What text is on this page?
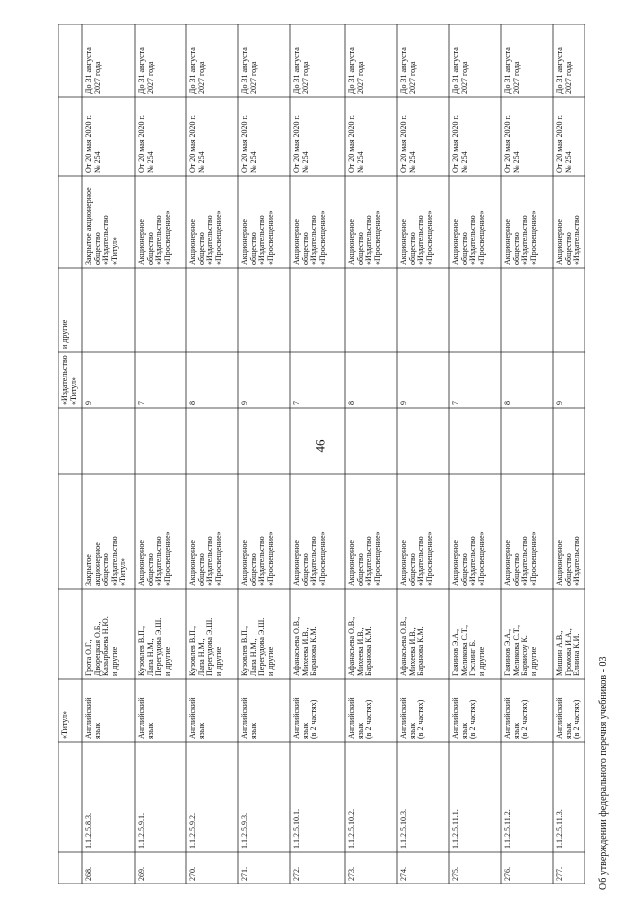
46
Об утверждении федерального перечня учебников - 03
и другие
«Издательство «Титул»
«Титул»
268.
1.1.2.5.8.3.
Английский язык
Грота О.Г.,
Дворецкая О.Б.,
Казырбаева Н.Ю.
и другие
Закрытое
акционерное
общество
«Издательство
«Титул»
9
Закрытое акционерное
общество
«Издательство
«Титул»
От 20 мая 2020 г.
№ 254
До 31 августа
2027 года
269.
1.1.2.5.9.1.
Английский язык
Кузовлев В.П.,
Лапа Н.М.,
Перегудова Э.Ш.
и другие
Акционерное
общество
«Издательство
«Просвещение»
7
Акционерное
общество
«Издательство
«Просвещение»
От 20 мая 2020 г.
№ 254
До 31 августа
2027 года
270.
1.1.2.5.9.2.
Английский язык
Кузовлев В.П.,
Лапа Н.М.,
Перегудова Э.Ш.
и другие
Акционерное
общество
«Издательство
«Просвещение»
8
Акционерное
общество
«Издательство
«Просвещение»
От 20 мая 2020 г.
№ 254
До 31 августа
2027 года
271.
1.1.2.5.9.3.
Английский язык
Кузовлев В.П.,
Лапа Н.М.,
Перегудова Э.Ш.
и другие
Акционерное
общество
«Издательство
«Просвещение»
9
Акционерное
общество
«Издательство
«Просвещение»
От 20 мая 2020 г.
№ 254
До 31 августа
2027 года
272.
1.1.2.5.10.1.
Английский язык
(в 2 частях)
Афанасьева О.В.,
Михеева И.В.,
Баранова К.М.
Акционерное
общество
«Издательство
«Просвещение»
7
Акционерное
общество
«Издательство
«Просвещение»
От 20 мая 2020 г.
№ 254
До 31 августа
2027 года
273.
1.1.2.5.10.2.
Английский язык
(в 2 частях)
Афанасьева О.В.,
Михеева И.В.,
Баранова К.М.
Акционерное
общество
«Издательство
«Просвещение»
8
Акционерное
общество
«Издательство
«Просвещение»
От 20 мая 2020 г.
№ 254
До 31 августа
2027 года
274.
1.1.2.5.10.3.
Английский язык
(в 2 частях)
Афанасьева О.В.,
Михеева И.В.,
Баранова К.М.
Акционерное
общество
«Издательство
«Просвещение»
9
Акционерное
общество
«Издательство
«Просвещение»
От 20 мая 2020 г.
№ 254
До 31 августа
2027 года
275.
1.1.2.5.11.1.
Английский язык
(в 2 частях)
Гаяинов Э.А.,
Меликова С.Т.,
Гэслинг Б.
и другие
Акционерное
общество
«Издательство
«Просвещение»
7
Акционерное
общество
«Издательство
«Просвещение»
От 20 мая 2020 г.
№ 254
До 31 августа
2027 года
276.
1.1.2.5.11.2.
Английский язык
(в 2 частях)
Гаяинов Э.А.,
Меликова С.Т.,
Барвисоу К.
и другие
Акционерное
общество
«Издательство
«Просвещение»
8
Акционерное
общество
«Издательство
«Просвещение»
От 20 мая 2020 г.
№ 254
До 31 августа
2027 года
277.
1.1.2.5.11.3.
Английский язык
(в 2 частях)
Мишин А.В.,
Громова И.А.,
Елнина К.И.
Акционерное
общество
«Издательство
9
Акционерное
общество
«Издательство
От 20 мая 2020 г.
№ 254
До 31 августа
2027 года
